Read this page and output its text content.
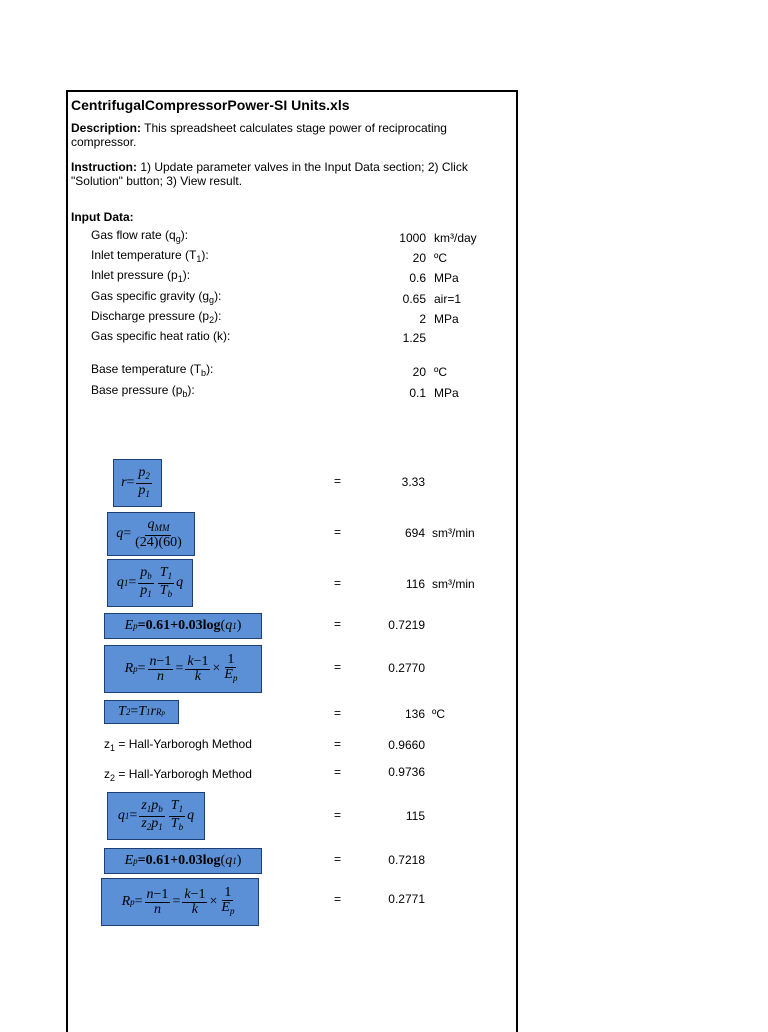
CentrifugalCompressorPower-SI Units.xls
Description: This spreadsheet calculates stage power of reciprocating compressor.
Instruction: 1) Update parameter valves in the Input Data section; 2) Click "Solution" button; 3) View result.
Input Data:
Gas flow rate $(q_g)$:	1000 km³/day
Inlet temperature $(T_1)$:	20 ºC
Inlet pressure $(p_1)$:	0.6 MPa
Gas specific gravity $(g_g)$:	0.65 air=1
Discharge pressure $(p_2)$:	2 MPa
Gas specific heat ratio (k):	1.25
Base temperature $(T_b)$:	20 ºC
Base pressure $(p_b)$:	0.1 MPa
$r = \frac{p_2}{p_1}$	=	3.33
$q = \frac{q_{MM}}{(24)(60)}$	=	694 sm³/min
q $1 = \frac{p_b}{p_1} \frac{T_1}{T_b}$ q	=	116 sm³/min
E p =0.61+0.03log ( q 1 )	=	0.7219
R $p = \frac{n-1}{n} = \frac{k-1}{k} \times \frac{1}{E_p}$	=	0.2770
T 2 = T 1 r Rp	=	136 ºC
$z_1$ = Hall-Yarborogh Method	=	0.9660
$z_2$ = Hall-Yarborogh Method	=	0.9736
q $1 = \frac{z_1p_b}{z_2p_1} \frac{T_1}{T_b}$ q	=	115
E p =0.61+0.03log ( q 1 )	=	0.7218
R $p = \frac{n-1}{n} = \frac{k-1}{k} \times \frac{1}{E_p}$	=	0.2771
